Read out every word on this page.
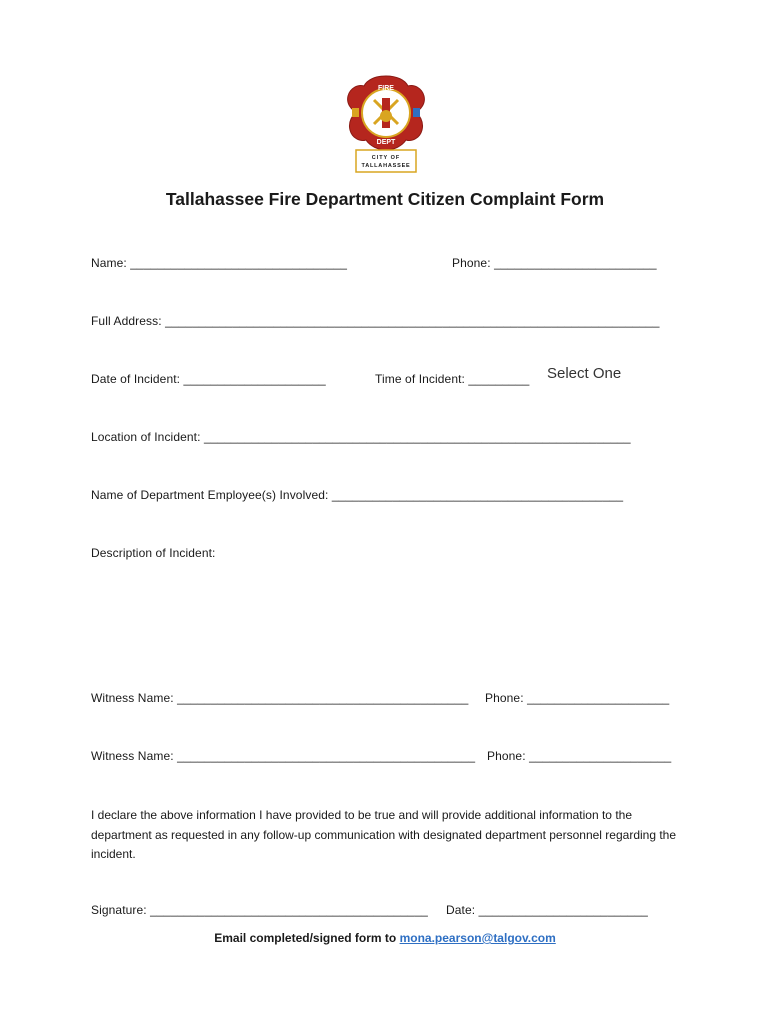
FIRE
DEPT
CITY OF
TALLAHASSEE
Tallahassee Fire Department Citizen Complaint Form
Name: ________________________________	Phone: ________________________
Full Address: _________________________________________________________________________
Date of Incident: _____________________	Time of Incident: _________ Select One
Location of Incident: _______________________________________________________________
Name of Department Employee(s) Involved: ___________________________________________
Description of Incident:
Witness Name: ___________________________________________ Phone: _____________________
Witness Name: ____________________________________________ Phone: _____________________
I declare the above information I have provided to be true and will provide additional information to the department as requested in any follow-up communication with designated department personnel regarding the incident.
Signature: _________________________________________ Date: _________________________
Email completed/signed form to mona.pearson@talgov.com
